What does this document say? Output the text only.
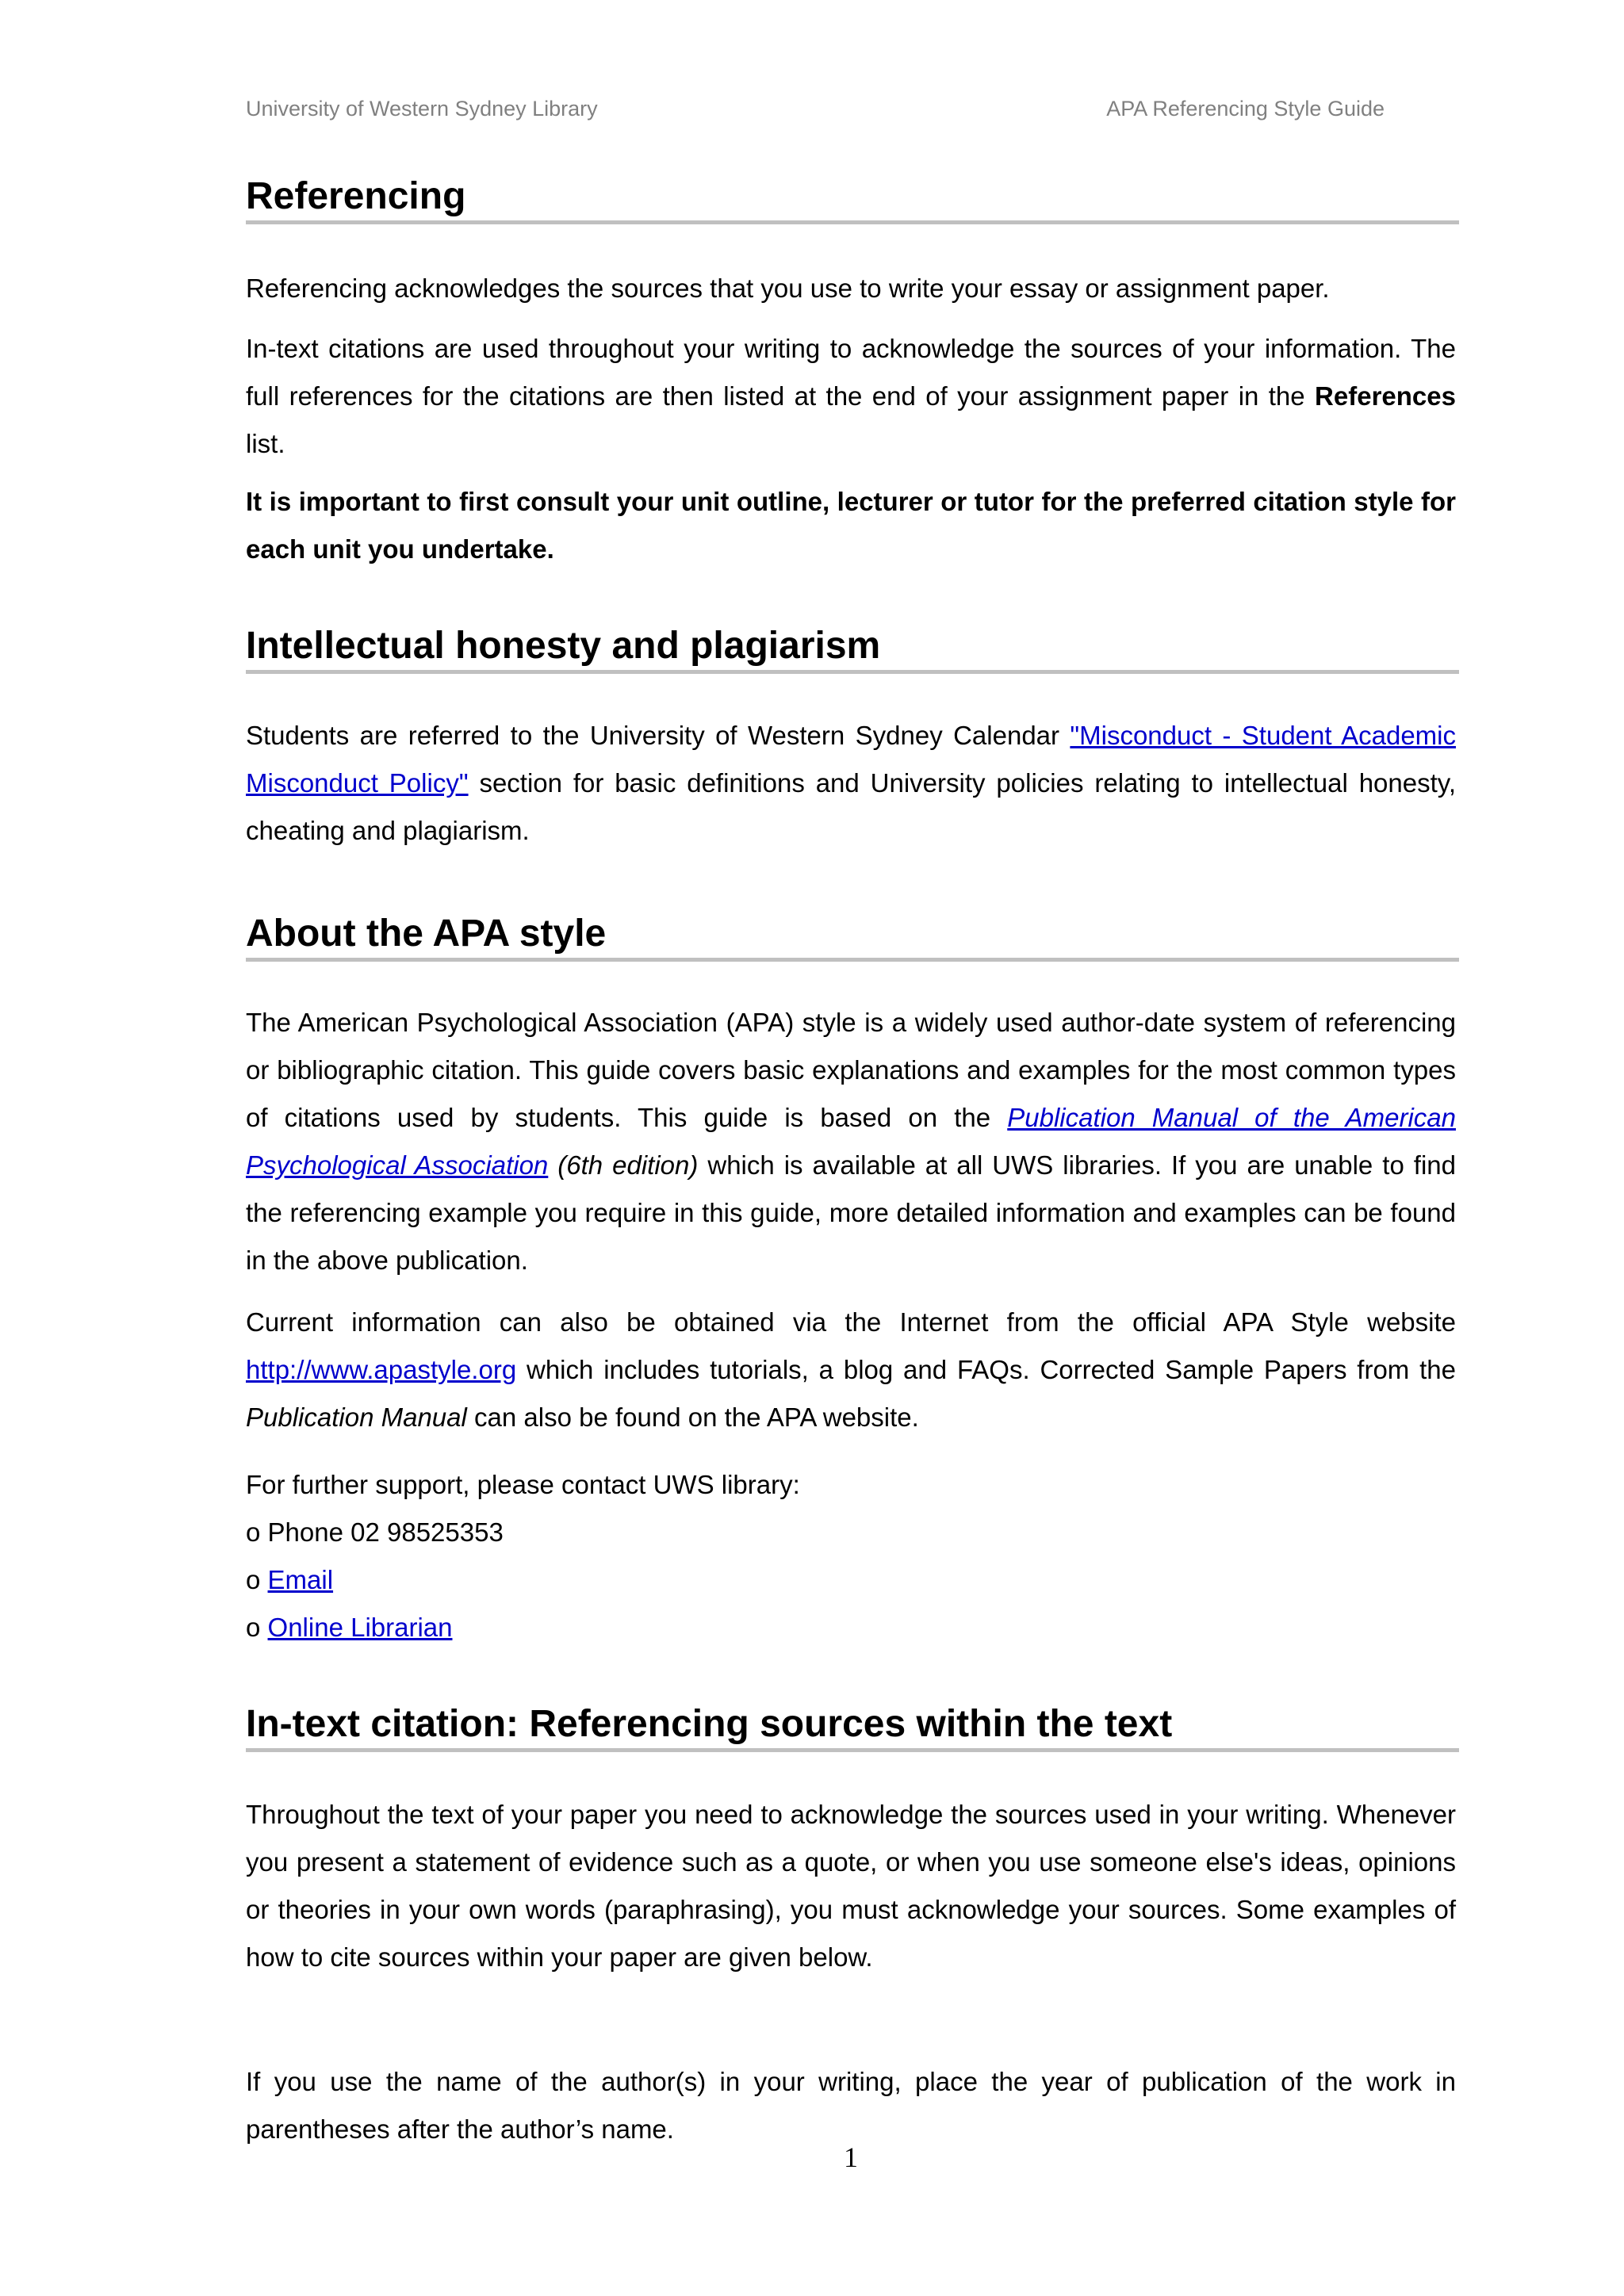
University of Western Sydney Library	APA Referencing Style Guide
Referencing
Referencing acknowledges the sources that you use to write your essay or assignment paper.
In-text citations are used throughout your writing to acknowledge the sources of your information. The full references for the citations are then listed at the end of your assignment paper in the References list.
It is important to first consult your unit outline, lecturer or tutor for the preferred citation style for each unit you undertake.
Intellectual honesty and plagiarism
Students are referred to the University of Western Sydney Calendar "Misconduct - Student Academic Misconduct Policy" section for basic definitions and University policies relating to intellectual honesty, cheating and plagiarism.
About the APA style
The American Psychological Association (APA) style is a widely used author-date system of referencing or bibliographic citation. This guide covers basic explanations and examples for the most common types of citations used by students. This guide is based on the Publication Manual of the American Psychological Association (6th edition) which is available at all UWS libraries. If you are unable to find the referencing example you require in this guide, more detailed information and examples can be found in the above publication.
Current information can also be obtained via the Internet from the official APA Style website http://www.apastyle.org which includes tutorials, a blog and FAQs. Corrected Sample Papers from the Publication Manual can also be found on the APA website.
For further support, please contact UWS library:
o Phone 02 98525353
o Email
o Online Librarian
In-text citation: Referencing sources within the text
Throughout the text of your paper you need to acknowledge the sources used in your writing. Whenever you present a statement of evidence such as a quote, or when you use someone else's ideas, opinions or theories in your own words (paraphrasing), you must acknowledge your sources. Some examples of how to cite sources within your paper are given below.
If you use the name of the author(s) in your writing, place the year of publication of the work in parentheses after the author’s name.
1
